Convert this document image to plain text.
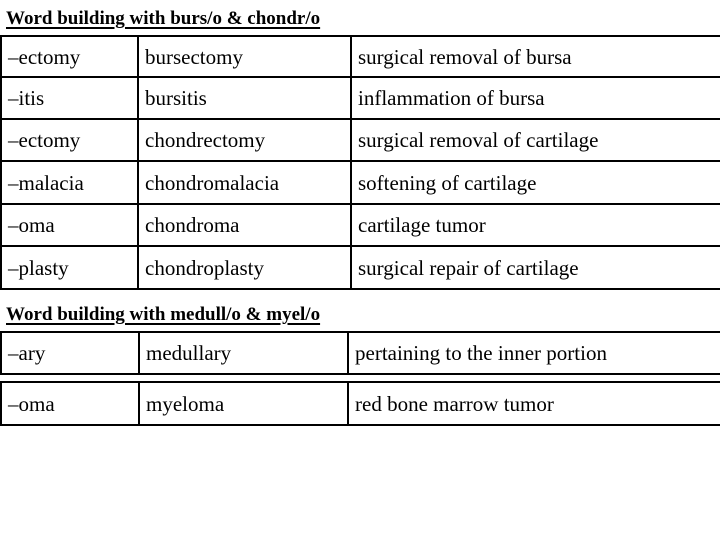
Word building with burs/o & chondr/o
–ectomy	bursectomy	surgical removal of bursa
–itis	bursitis	inflammation of bursa
–ectomy	chondrectomy	surgical removal of cartilage
–malacia	chondromalacia	softening of cartilage
–oma	chondroma	cartilage tumor
–plasty	chondroplasty	surgical repair of cartilage
Word building with medull/o & myel/o
–ary	medullary	pertaining to the inner portion
–oma	myeloma	red bone marrow tumor
